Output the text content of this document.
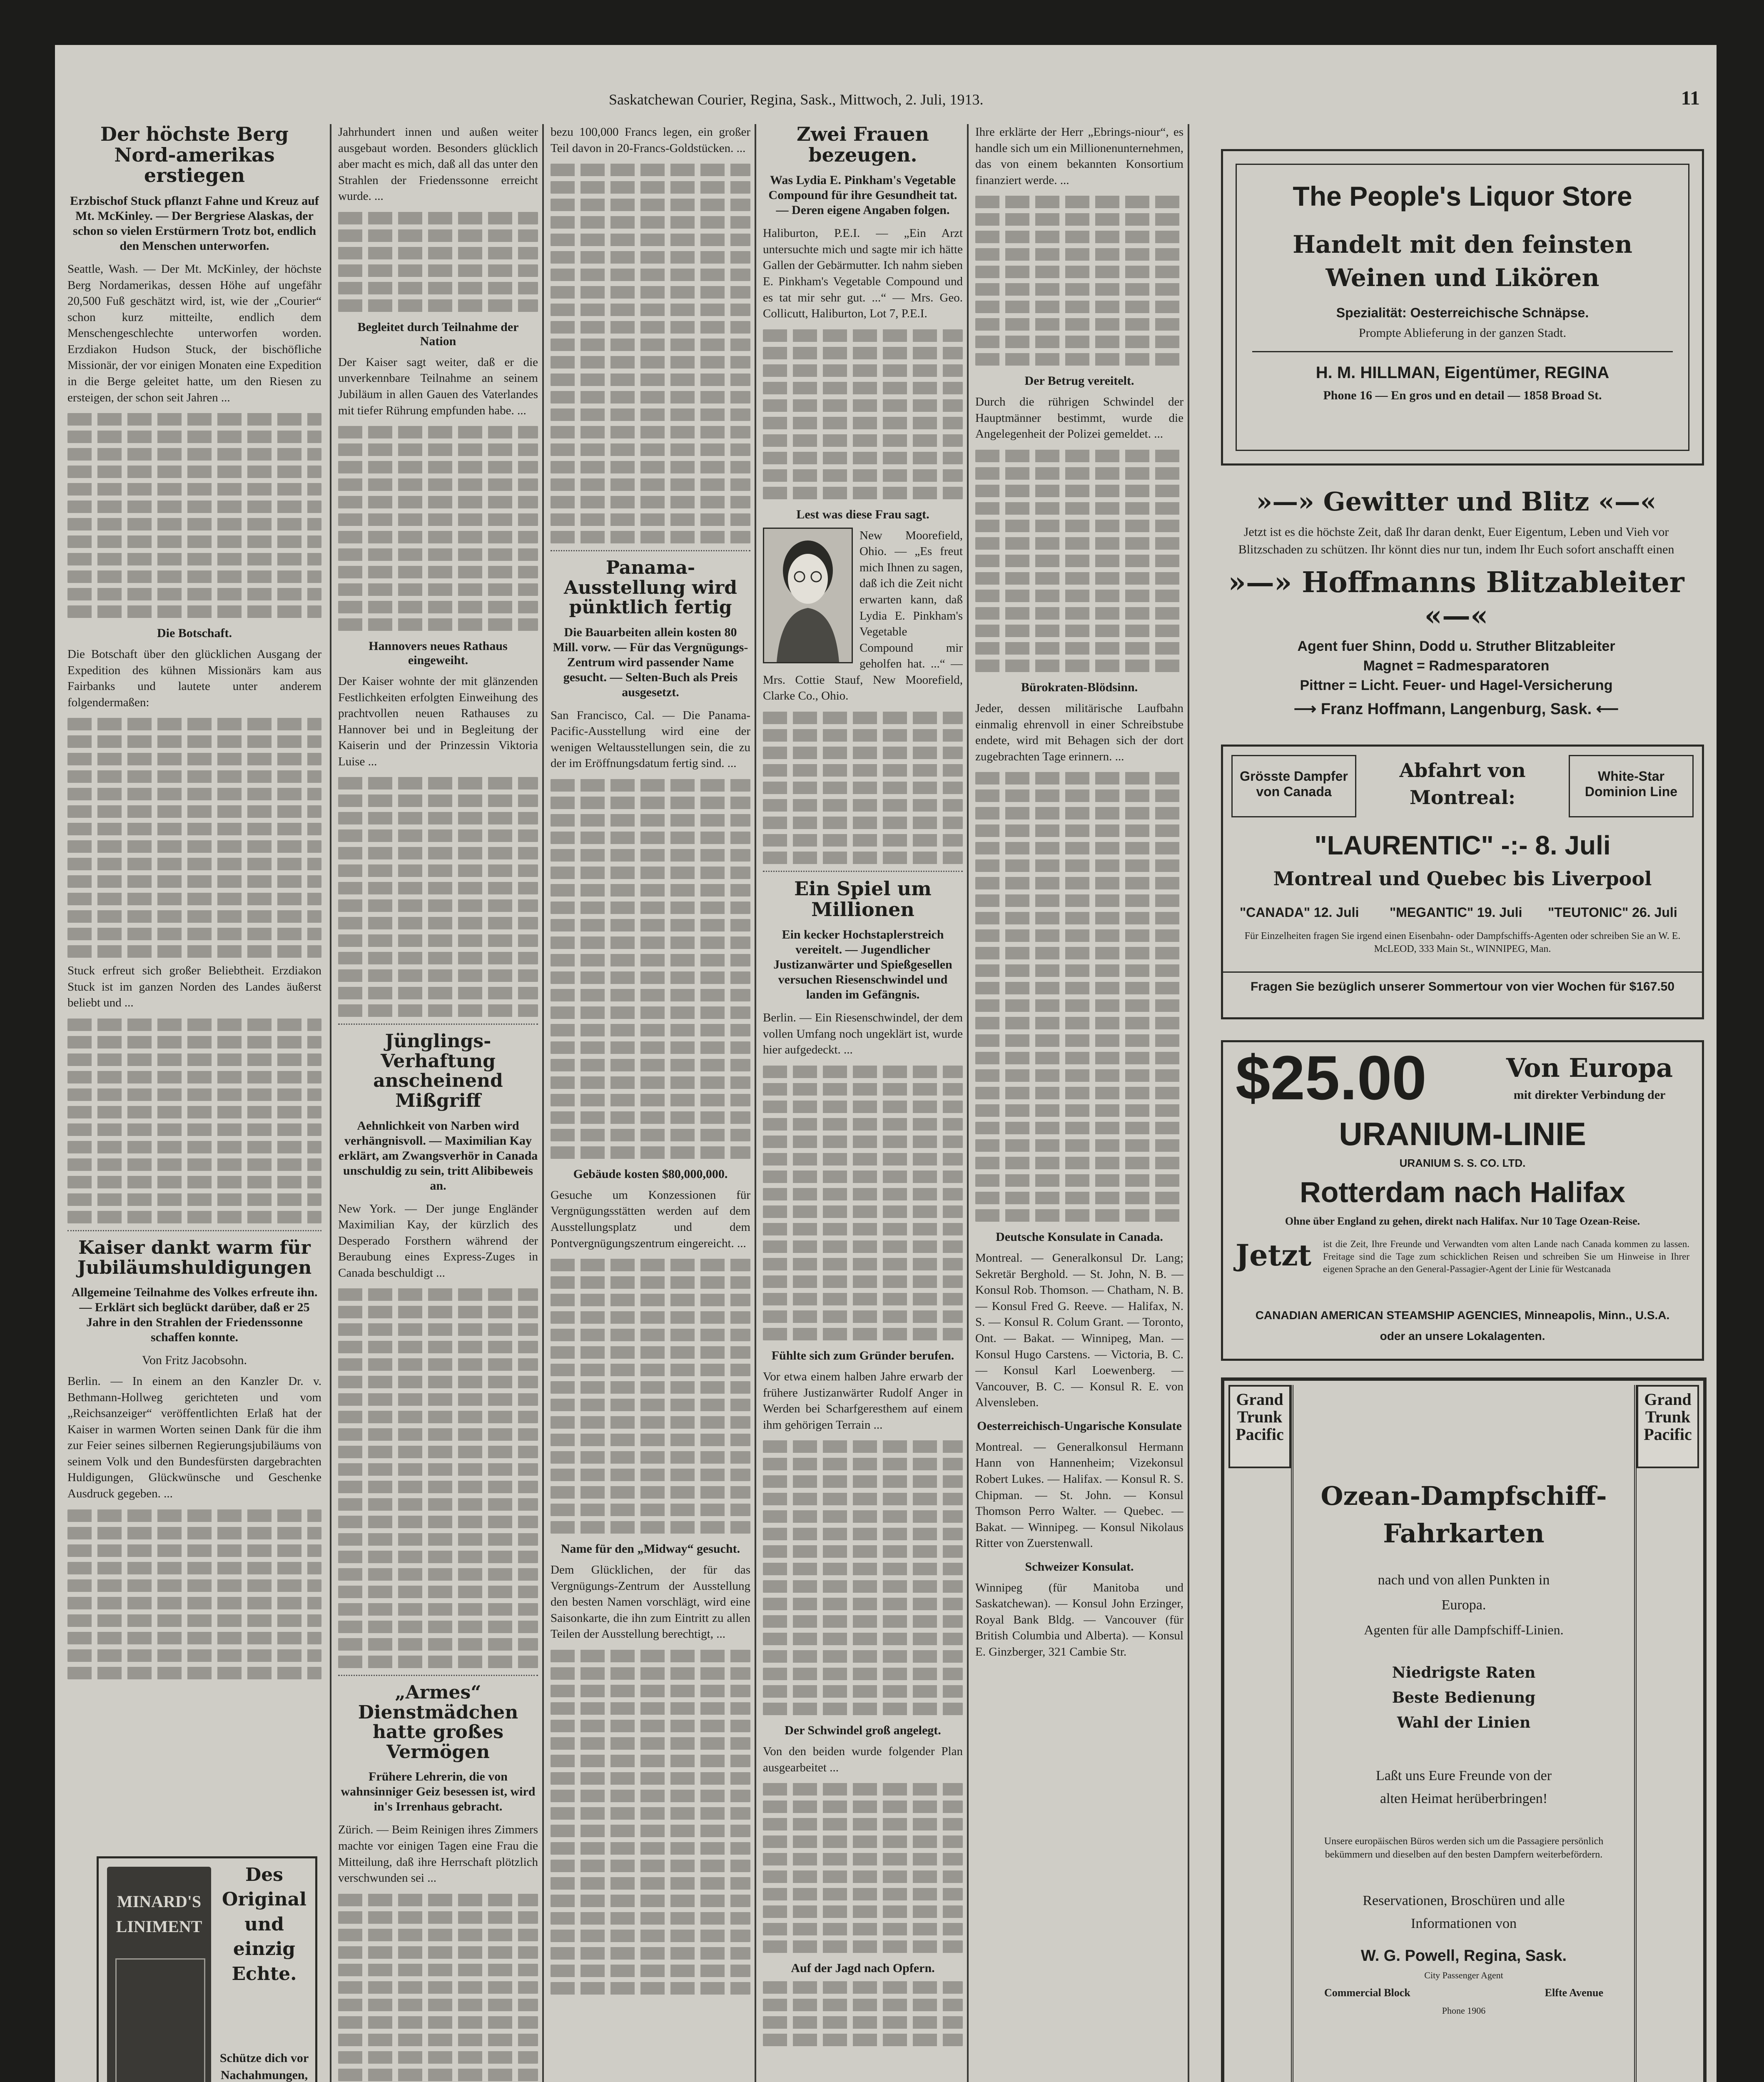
Saskatchewan Courier, Regina, Sask., Mittwoch, 2. Juli, 1913.	11
Der höchste Berg Nord-amerikas erstiegen
Erzbischof Stuck pflanzt Fahne und Kreuz auf Mt. McKinley. — Der Bergriese Alaskas, der schon so vielen Erstürmern Trotz bot, endlich den Menschen unterworfen.

Seattle, Wash. — Der Mt. McKinley, der höchste Berg Nordamerikas, dessen Höhe auf ungefähr 20,500 Fuß geschätzt wird, ist, wie der „Courier“ schon kurz mitteilte, endlich dem Menschengeschlechte unterworfen worden. Erzdiakon Hudson Stuck, der bischöfliche Missionär, der vor einigen Monaten eine Expedition in die Berge geleitet hatte, um den Riesen zu ersteigen, der schon seit Jahren ...

Die Botschaft.

Die Botschaft über den glücklichen Ausgang der Expedition des kühnen Missionärs kam aus Fairbanks und lautete unter anderem folgendermaßen:

Stuck erfreut sich großer Beliebtheit. Erzdiakon Stuck ist im ganzen Norden des Landes äußerst beliebt und ...

Kaiser dankt warm für Jubiläumshuldigungen
Allgemeine Teilnahme des Volkes erfreute ihn. — Erklärt sich beglückt darüber, daß er 25 Jahre in den Strahlen der Friedenssonne schaffen konnte.
Von Fritz Jacobsohn.

Berlin. — In einem an den Kanzler Dr. v. Bethmann-Hollweg gerichteten und vom „Reichsanzeiger“ veröffentlichten Erlaß hat der Kaiser in warmen Worten seinen Dank für die ihm zur Feier seines silbernen Regierungsjubiläums von seinem Volk und den Bundesfürsten dargebrachten Huldigungen, Glückwünsche und Geschenke Ausdruck gegeben. ...

MINARD'S
LINIMENT
Des Original und einzig Echte.
Schütze dich vor Nachahmungen,

Jahrhundert innen und außen weiter ausgebaut worden. Besonders glücklich aber macht es mich, daß all das unter den Strahlen der Friedenssonne erreicht wurde. ...

Begleitet durch Teilnahme der Nation

Der Kaiser sagt weiter, daß er die unverkennbare Teilnahme an seinem Jubiläum in allen Gauen des Vaterlandes mit tiefer Rührung empfunden habe. ...

Hannovers neues Rathaus eingeweiht.

Der Kaiser wohnte der mit glänzenden Festlichkeiten erfolgten Einweihung des prachtvollen neuen Rathauses zu Hannover bei und in Begleitung der Kaiserin und der Prinzessin Viktoria Luise ...

Jünglings-Verhaftung anscheinend Mißgriff
Aehnlichkeit von Narben wird verhängnisvoll. — Maximilian Kay erklärt, am Zwangsverhör in Canada unschuldig zu sein, tritt Alibibeweis an.

New York. — Der junge Engländer Maximilian Kay, der kürzlich des Desperado Forsthern während der Beraubung eines Express-Zuges in Canada beschuldigt ...

„Armes“ Dienstmädchen hatte großes Vermögen
Frühere Lehrerin, die von wahnsinniger Geiz besessen ist, wird in's Irrenhaus gebracht.

Zürich. — Beim Reinigen ihres Zimmers machte vor einigen Tagen eine Frau die Mitteilung, daß ihre Herrschaft plötzlich verschwunden sei ...

bezu 100,000 Francs legen, ein großer Teil davon in 20-Francs-Goldstücken. ...

Panama-Ausstellung wird pünktlich fertig
Die Bauarbeiten allein kosten 80 Mill. vorw. — Für das Vergnügungs-Zentrum wird passender Name gesucht. — Selten-Buch als Preis ausgesetzt.

San Francisco, Cal. — Die Panama-Pacific-Ausstellung wird eine der wenigen Weltausstellungen sein, die zu der im Eröffnungsdatum fertig sind. ...

Gebäude kosten $80,000,000.

Gesuche um Konzessionen für Vergnügungsstätten werden auf dem Ausstellungsplatz und dem Pontvergnügungszentrum eingereicht. ...

Name für den „Midway“ gesucht.

Dem Glücklichen, der für das Vergnügungs-Zentrum der Ausstellung den besten Namen vorschlägt, wird eine Saisonkarte, die ihn zum Eintritt zu allen Teilen der Ausstellung berechtigt, ...

Zwei Frauen bezeugen.
Was Lydia E. Pinkham's Vegetable Compound für ihre Gesundheit tat. — Deren eigene Angaben folgen.

Haliburton, P.E.I. — „Ein Arzt untersuchte mich und sagte mir ich hätte Gallen der Gebärmutter. Ich nahm sieben E. Pinkham's Vegetable Compound und es tat mir sehr gut. ...“ — Mrs. Geo. Collicutt, Haliburton, Lot 7, P.E.I.

Lest was diese Frau sagt.

New Moorefield, Ohio. — „Es freut mich Ihnen zu sagen, daß ich die Zeit nicht erwarten kann, daß Lydia E. Pinkham's Vegetable Compound mir geholfen hat. ...“ — Mrs. Cottie Stauf, New Moorefield, Clarke Co., Ohio.

Ein Spiel um Millionen
Ein kecker Hochstaplerstreich vereitelt. — Jugendlicher Justizanwärter und Spießgesellen versuchen Riesenschwindel und landen im Gefängnis.

Berlin. — Ein Riesenschwindel, der dem vollen Umfang noch ungeklärt ist, wurde hier aufgedeckt. ...

Fühlte sich zum Gründer berufen.

Vor etwa einem halben Jahre erwarb der frühere Justizanwärter Rudolf Anger in Werden bei Scharfgeresthem auf einem ihm gehörigen Terrain ...

Der Schwindel groß angelegt.

Von den beiden wurde folgender Plan ausgearbeitet ...

Auf der Jagd nach Opfern.

Ihre erklärte der Herr „Ebrings-niour“, es handle sich um ein Millionenunternehmen, das von einem bekannten Konsortium finanziert werde. ...

Der Betrug vereitelt.

Durch die rührigen Schwindel der Hauptmänner bestimmt, wurde die Angelegenheit der Polizei gemeldet. ...

Bürokraten-Blödsinn.

Jeder, dessen militärische Laufbahn einmalig ehrenvoll in einer Schreibstube endete, wird mit Behagen sich der dort zugebrachten Tage erinnern. ...

Deutsche Konsulate in Canada.

Montreal. — Generalkonsul Dr. Lang; Sekretär Berghold. — St. John, N. B. — Konsul Rob. Thomson. — Chatham, N. B. — Konsul Fred G. Reeve. — Halifax, N. S. — Konsul R. Colum Grant. — Toronto, Ont. — Bakat. — Winnipeg, Man. — Konsul Hugo Carstens. — Victoria, B. C. — Konsul Karl Loewenberg. — Vancouver, B. C. — Konsul R. E. von Alvensleben.

Oesterreichisch-Ungarische Konsulate

Montreal. — Generalkonsul Hermann Hann von Hannenheim; Vizekonsul Robert Lukes. — Halifax. — Konsul R. S. Chipman. — St. John. — Konsul Thomson Perro Walter. — Quebec. — Bakat. — Winnipeg. — Konsul Nikolaus Ritter von Zuerstenwall.

Schweizer Konsulat.

Winnipeg (für Manitoba und Saskatchewan). — Konsul John Erzinger, Royal Bank Bldg. — Vancouver (für British Columbia und Alberta). — Konsul E. Ginzberger, 321 Cambie Str.

The People's Liquor Store
Handelt mit den feinsten
Weinen und Likören
Spezialität: Oesterreichische Schnäpse.
Prompte Ablieferung in der ganzen Stadt.
H. M. HILLMAN, Eigentümer, REGINA
Phone 16 — En gros und en detail — 1858 Broad St.
»—» Gewitter und Blitz «—«
Jetzt ist es die höchste Zeit, daß Ihr daran denkt, Euer Eigentum, Leben und Vieh vor Blitzschaden zu schützen. Ihr könnt dies nur tun, indem Ihr Euch sofort anschafft einen
»—» Hoffmanns Blitzableiter «—«
Agent fuer Shinn, Dodd u. Struther Blitzableiter
Magnet = Radmesparatoren
Pittner = Licht. Feuer- und Hagel-Versicherung
⟶ Franz Hoffmann, Langenburg, Sask. ⟵
Grösste Dampfer von Canada
Abfahrt von
Montreal:
White-Star Dominion Line
"LAURENTIC" -:- 8. Juli
Montreal und Quebec bis Liverpool
"CANADA" 12. Juli "MEGANTIC" 19. Juli "TEUTONIC" 26. Juli
Für Einzelheiten fragen Sie irgend einen Eisenbahn- oder Dampfschiffs-Agenten oder schreiben Sie an W. E. McLEOD, 333 Main St., WINNIPEG, Man.
Fragen Sie bezüglich unserer Sommertour von vier Wochen für $167.50
$25.00	Von Europa
mit direkter Verbindung der
URANIUM-LINIE
URANIUM S. S. CO. LTD.
Rotterdam nach Halifax
Ohne über England zu gehen, direkt nach Halifax. Nur 10 Tage Ozean-Reise.
Jetzt ist die Zeit, Ihre Freunde und Verwandten vom alten Lande nach Canada kommen zu lassen. Freitage sind die Tage zum schicklichen Reisen und schreiben Sie um Hinweise in Ihrer eigenen Sprache an den General-Passagier-Agent der Linie für Westcanada
CANADIAN AMERICAN STEAMSHIP AGENCIES, Minneapolis, Minn., U.S.A.
oder an unsere Lokalagenten.
Grand Trunk Pacific
Grand Trunk Pacific
Ozean-Dampfschiff-
Fahrkarten
nach und von allen Punkten in
Europa.
Agenten für alle Dampfschiff-Linien.
Niedrigste Raten
Beste Bedienung
Wahl der Linien
Laßt uns Eure Freunde von der
alten Heimat herüberbringen!
Unsere europäischen Büros werden sich um die Passagiere persönlich bekümmern und dieselben auf den besten Dampfern weiterbefördern.
Reservationen, Broschüren und alle
Informationen von
W. G. Powell, Regina, Sask.
City Passenger Agent
Commercial Block	Elfte Avenue
Phone 1906
